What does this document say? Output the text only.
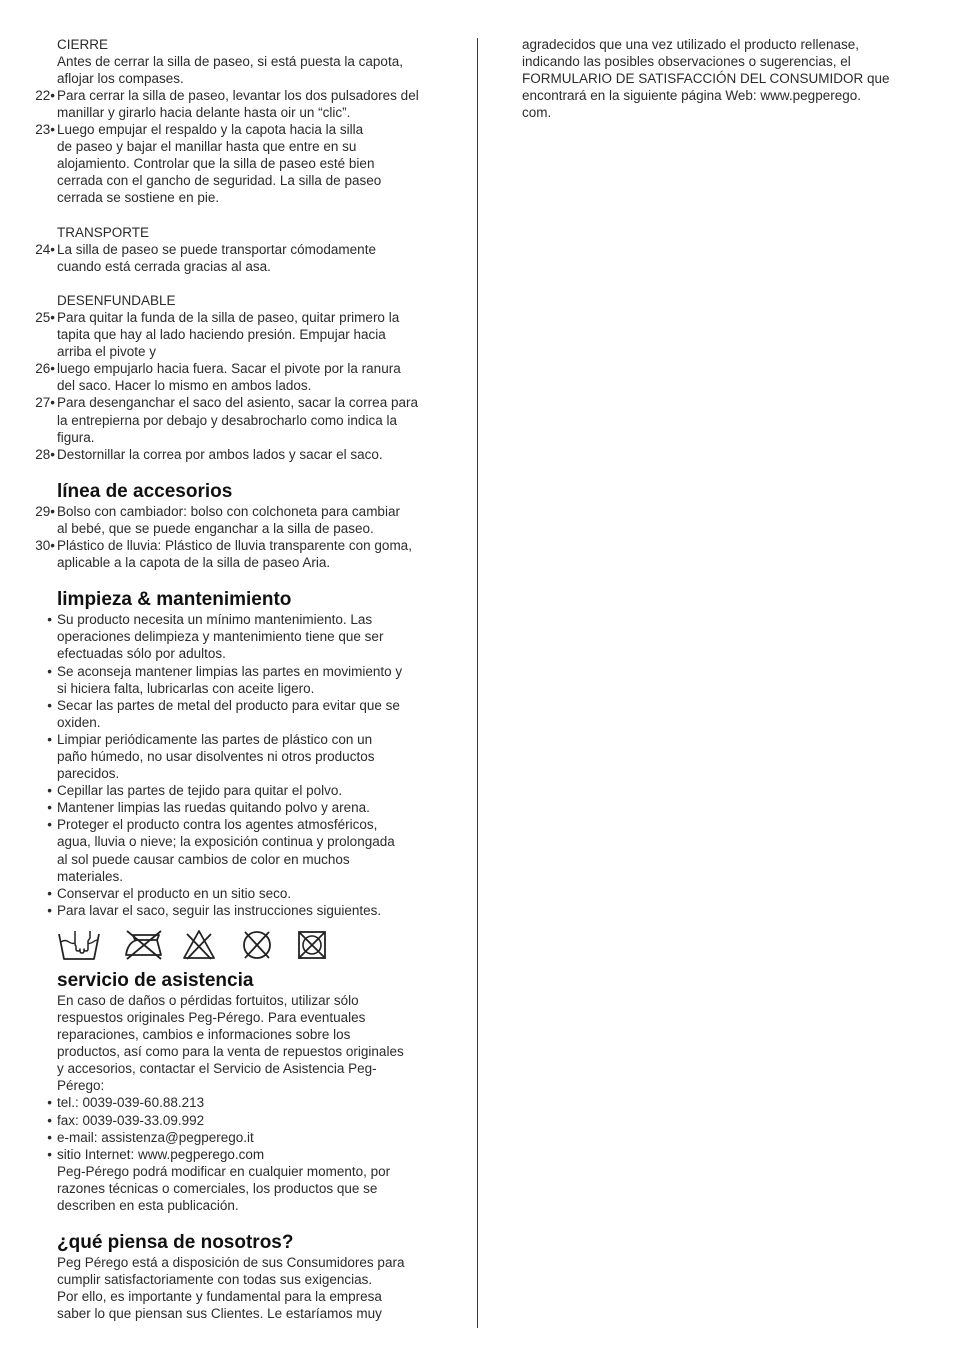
CIERRE
Antes de cerrar la silla de paseo, si está puesta la capota,
aflojar los compases.
22 • Para cerrar la silla de paseo, levantar los dos pulsadores del
manillar y girarlo hacia delante hasta oir un “clic”.
23 • Luego empujar el respaldo y la capota hacia la silla
de paseo y bajar el manillar hasta que entre en su
alojamiento. Controlar que la silla de paseo esté bien
cerrada con el gancho de seguridad. La silla de paseo
cerrada se sostiene en pie.
TRANSPORTE
24 • La silla de paseo se puede transportar cómodamente
cuando está cerrada gracias al asa.
DESENFUNDABLE
25 • Para quitar la funda de la silla de paseo, quitar primero la
tapita que hay al lado haciendo presión. Empujar hacia
arriba el pivote y
26 • luego empujarlo hacia fuera. Sacar el pivote por la ranura
del saco. Hacer lo mismo en ambos lados.
27 • Para desenganchar el saco del asiento, sacar la correa para
la entrepierna por debajo y desabrocharlo como indica la
figura.
28 • Destornillar la correa por ambos lados y sacar el saco.
línea de accesorios
29 • Bolso con cambiador: bolso con colchoneta para cambiar
al bebé, que se puede enganchar a la silla de paseo.
30 • Plástico de lluvia: Plástico de lluvia transparente con goma,
aplicable a la capota de la silla de paseo Aria.
limpieza & mantenimiento
•
Su producto necesita un mínimo mantenimiento. Las
operaciones delimpieza y mantenimiento tiene que ser
efectuadas sólo por adultos.
•
Se aconseja mantener limpias las partes en movimiento y
si hiciera falta, lubricarlas con aceite ligero.
•
Secar las partes de metal del producto para evitar que se
oxiden.
•
Limpiar periódicamente las partes de plástico con un
paño húmedo, no usar disolventes ni otros productos
parecidos.
•
Cepillar las partes de tejido para quitar el polvo.
•
Mantener limpias las ruedas quitando polvo y arena.
•
Proteger el producto contra los agentes atmosféricos,
agua, lluvia o nieve; la exposición continua y prolongada
al sol puede causar cambios de color en muchos
materiales.
•
Conservar el producto en un sitio seco.
•
Para lavar el saco, seguir las instrucciones siguientes.
servicio de asistencia
En caso de daños o pérdidas fortuitos, utilizar sólo
respuestos originales Peg-Pérego. Para eventuales
reparaciones, cambios e informaciones sobre los
productos, así como para la venta de repuestos originales
y accesorios, contactar el Servicio de Asistencia Peg-
Pérego:
•
tel.: 0039-039-60.88.213
•
fax: 0039-039-33.09.992
•
e-mail: assistenza@pegperego.it
•
sitio Internet: www.pegperego.com
Peg-Pérego podrá modificar en cualquier momento, por
razones técnicas o comerciales, los productos que se
describen en esta publicación.
¿qué piensa de nosotros?
Peg Pérego está a disposición de sus Consumidores para
cumplir satisfactoriamente con todas sus exigencias.
Por ello, es importante y fundamental para la empresa
saber lo que piensan sus Clientes. Le estaríamos muy
agradecidos que una vez utilizado el producto rellenase,
indicando las posibles observaciones o sugerencias, el
FORMULARIO DE SATISFACCIÓN DEL CONSUMIDOR que
encontrará en la siguiente página Web: www.pegperego.
com.
